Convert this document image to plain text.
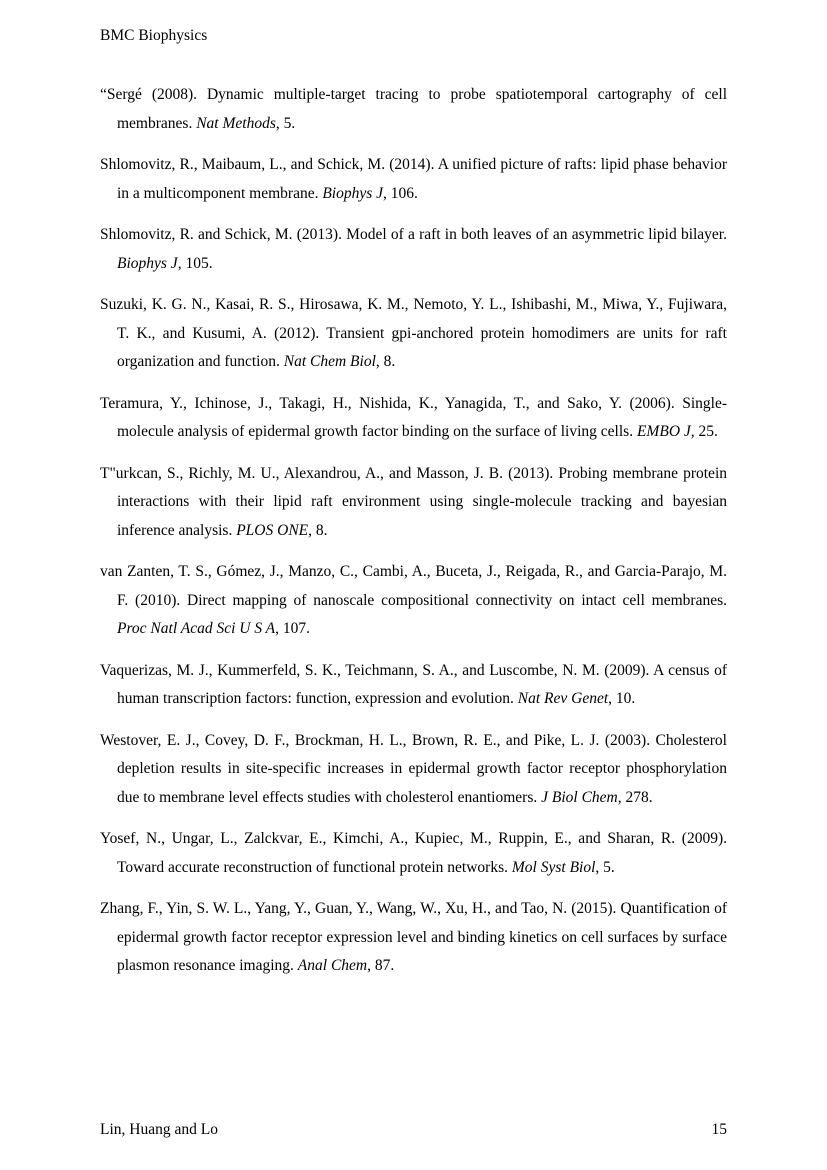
BMC Biophysics

“Sergé (2008). Dynamic multiple-target tracing to probe spatiotemporal cartography of cell membranes. Nat Methods, 5.

Shlomovitz, R., Maibaum, L., and Schick, M. (2014). A unified picture of rafts: lipid phase behavior in a multicomponent membrane. Biophys J, 106.

Shlomovitz, R. and Schick, M. (2013). Model of a raft in both leaves of an asymmetric lipid bilayer. Biophys J, 105.

Suzuki, K. G. N., Kasai, R. S., Hirosawa, K. M., Nemoto, Y. L., Ishibashi, M., Miwa, Y., Fujiwara, T. K., and Kusumi, A. (2012). Transient gpi-anchored protein homodimers are units for raft organization and function. Nat Chem Biol, 8.

Teramura, Y., Ichinose, J., Takagi, H., Nishida, K., Yanagida, T., and Sako, Y. (2006). Single-molecule analysis of epidermal growth factor binding on the surface of living cells. EMBO J, 25.

T"urkcan, S., Richly, M. U., Alexandrou, A., and Masson, J. B. (2013). Probing membrane protein interactions with their lipid raft environment using single-molecule tracking and bayesian inference analysis. PLOS ONE, 8.

van Zanten, T. S., Gómez, J., Manzo, C., Cambi, A., Buceta, J., Reigada, R., and Garcia-Parajo, M. F. (2010). Direct mapping of nanoscale compositional connectivity on intact cell membranes. Proc Natl Acad Sci U S A, 107.

Vaquerizas, M. J., Kummerfeld, S. K., Teichmann, S. A., and Luscombe, N. M. (2009). A census of human transcription factors: function, expression and evolution. Nat Rev Genet, 10.

Westover, E. J., Covey, D. F., Brockman, H. L., Brown, R. E., and Pike, L. J. (2003). Cholesterol depletion results in site-specific increases in epidermal growth factor receptor phosphorylation due to membrane level effects studies with cholesterol enantiomers. J Biol Chem, 278.

Yosef, N., Ungar, L., Zalckvar, E., Kimchi, A., Kupiec, M., Ruppin, E., and Sharan, R. (2009). Toward accurate reconstruction of functional protein networks. Mol Syst Biol, 5.

Zhang, F., Yin, S. W. L., Yang, Y., Guan, Y., Wang, W., Xu, H., and Tao, N. (2015). Quantification of epidermal growth factor receptor expression level and binding kinetics on cell surfaces by surface plasmon resonance imaging. Anal Chem, 87.

Lin, Huang and Lo	15
